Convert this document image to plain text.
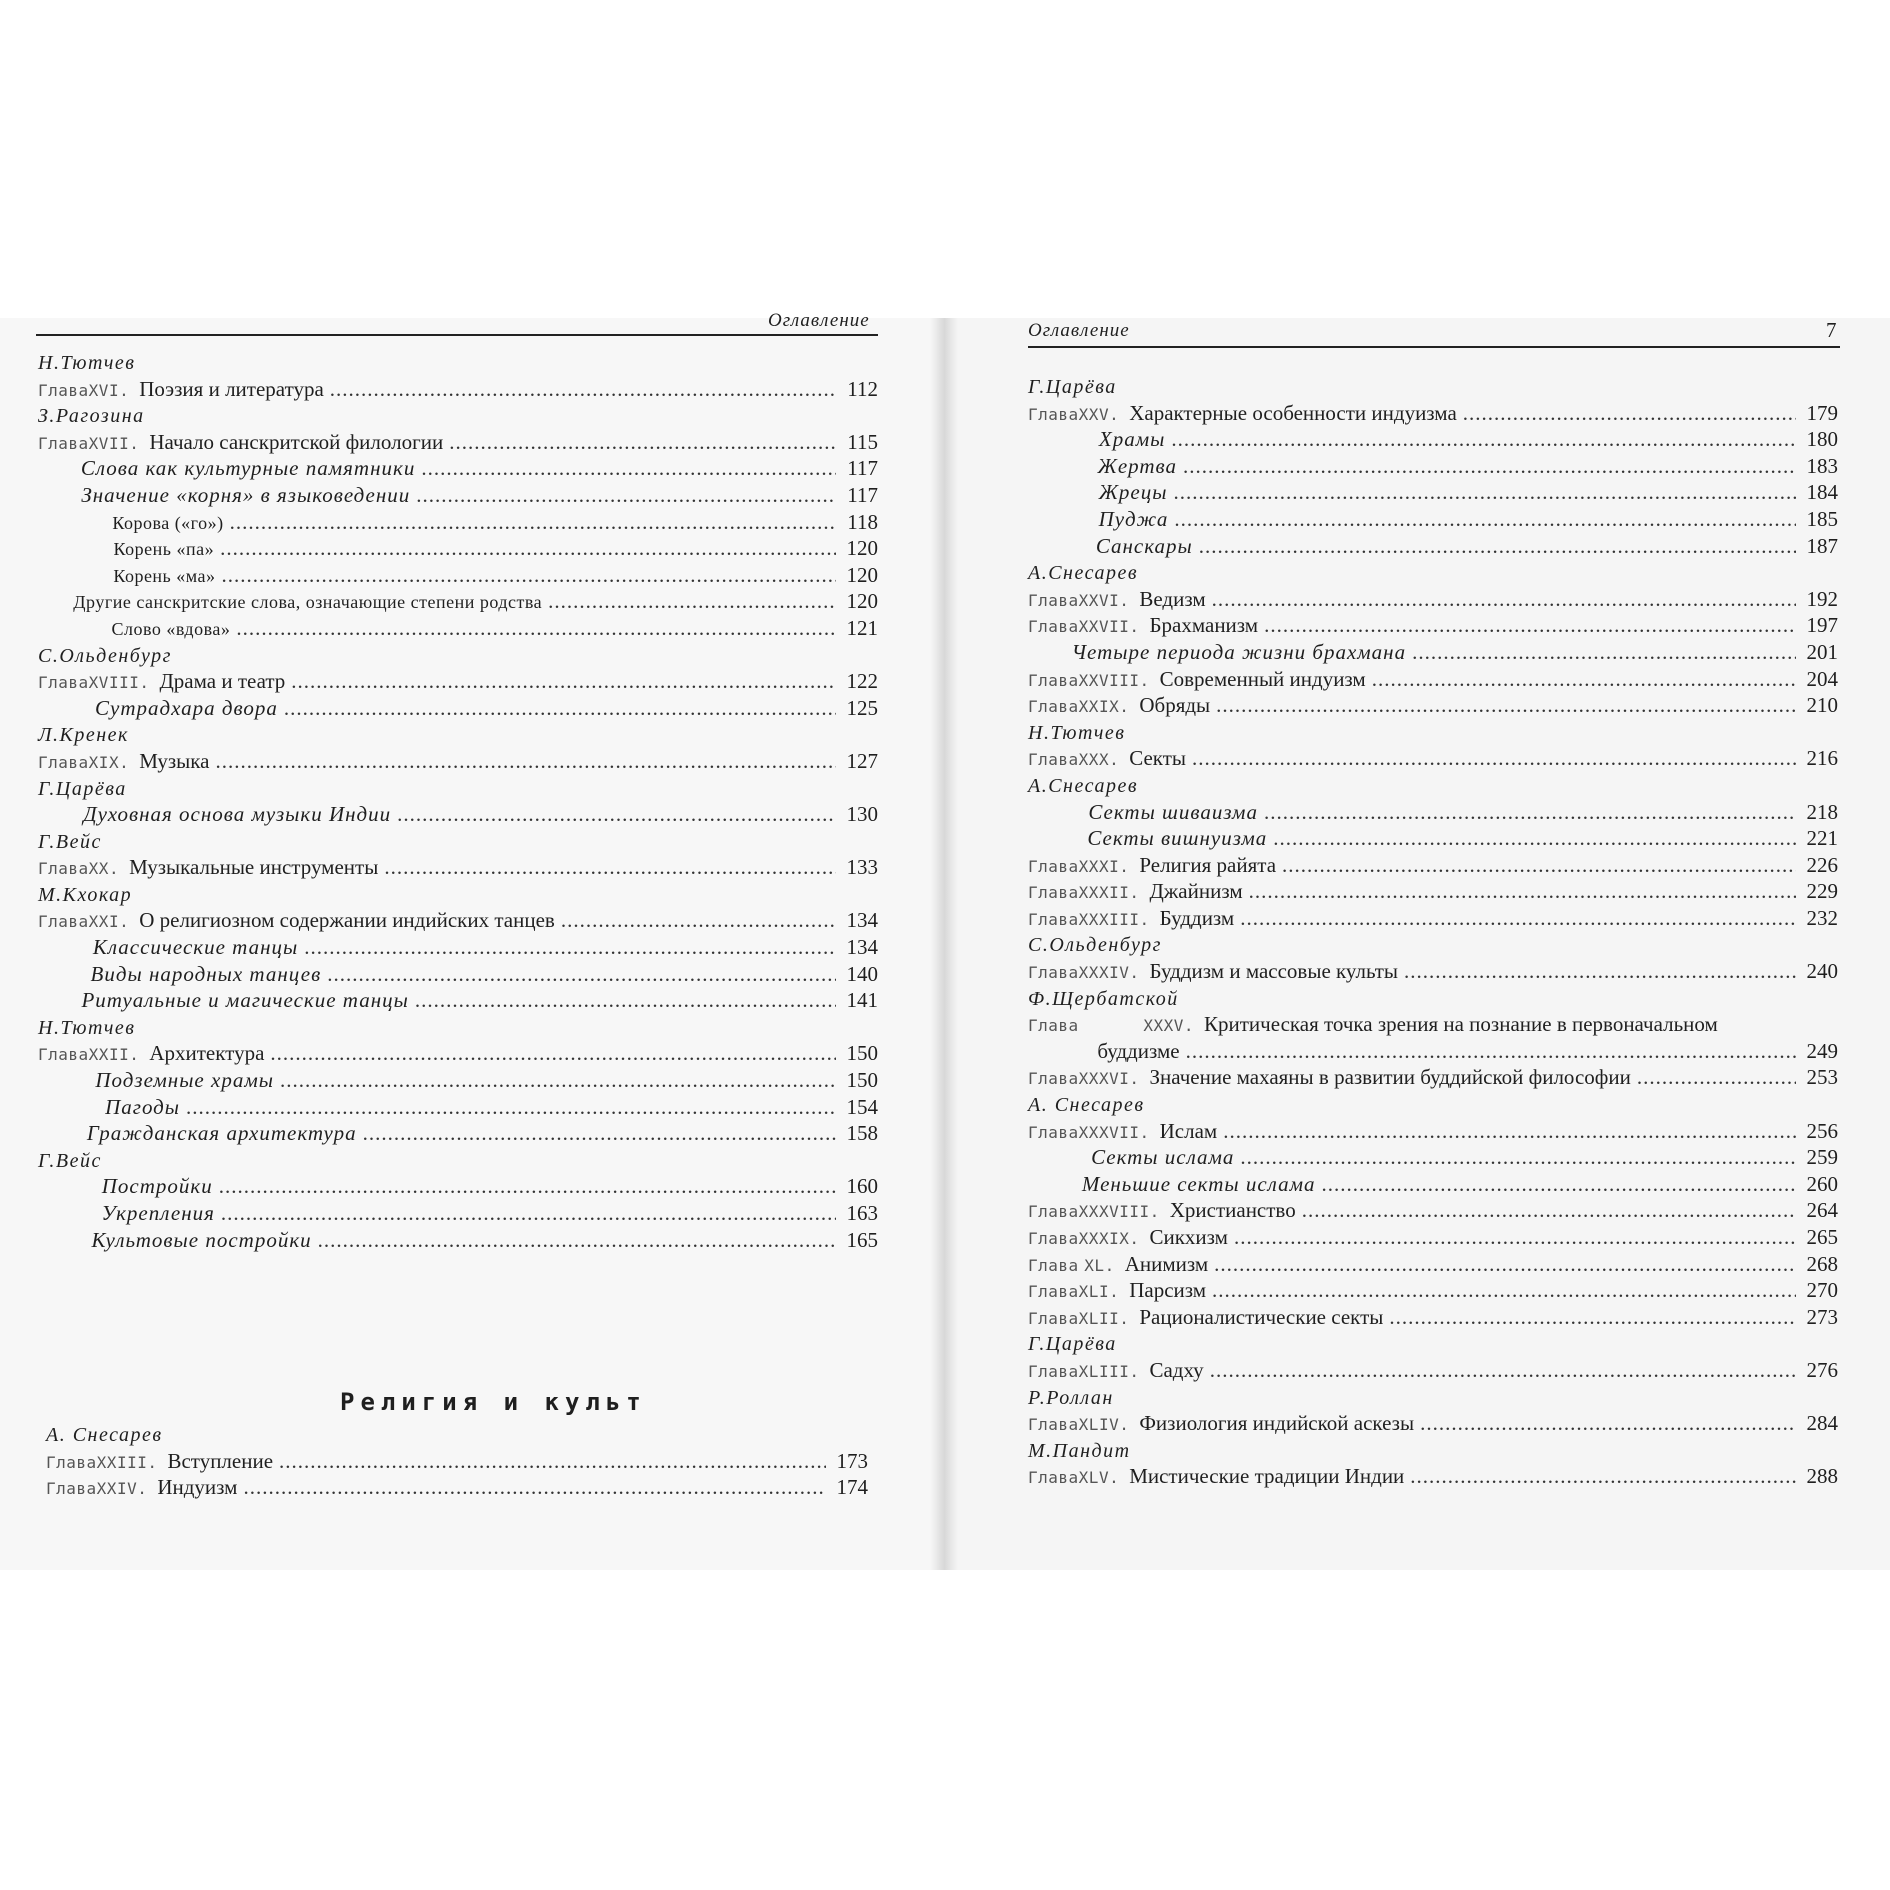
Оглавление	Оглавление	7
Н.Тютчев
Глава XVI. Поэзия и литература .....	112
З.Рагозина
Глава XVII. Начало санскритской филологии .....	115
Слова как культурные памятники .....	117
Значение «корня» в языковедении .....	117
Корова («го») .....	118
Корень «па» .....	120
Корень «ма» .....	120
Другие санскритские слова, означающие степени родства .....	120
Слово «вдова» .....	121
С.Ольденбург
Глава XVIII. Драма и театр .....	122
Сутрадхара двора .....	125
Л.Кренек
Глава XIX. Музыка .....	127
Г.Царёва
Духовная основа музыки Индии .....	130
Г.Вейс
Глава XX. Музыкальные инструменты .....	133
М.Кхокар
Глава XXI. О религиозном содержании индийских танцев .....	134
Классические танцы .....	134
Виды народных танцев .....	140
Ритуальные и магические танцы .....	141
Н.Тютчев
Глава XXII. Архитектура .....	150
Подземные храмы .....	150
Пагоды .....	154
Гражданская архитектура .....	158
Г.Вейс
Постройки .....	160
Укрепления .....	163
Культовые постройки .....	165
Религия и культ
А. Снесарев
Глава XXIII. Вступление .....	173
Глава XXIV. Индуизм .....	174
Г.Царёва
Глава XXV. Характерные особенности индуизма .....	179
Храмы .....	180
Жертва .....	183
Жрецы .....	184
Пуджа .....	185
Санскары .....	187
А.Снесарев
Глава XXVI. Ведизм .....	192
Глава XXVII. Брахманизм .....	197
Четыре периода жизни брахмана .....	201
Глава XXVIII. Современный индуизм .....	204
Глава XXIX. Обряды .....	210
Н.Тютчев
Глава XXX. Секты .....	216
А.Снесарев
Секты шиваизма .....	218
Секты вишнуизма .....	221
Глава XXXI. Религия райята .....	226
Глава XXXII. Джайнизм .....	229
Глава XXXIII. Буддизм .....	232
С.Ольденбург
Глава XXXIV. Буддизм и массовые культы .....	240
Ф.Щербатской
Глава	XXXV. Критическая точка зрения на познание в первоначальном
буддизме .....	249
Глава XXXVI. Значение махаяны в развитии буддийской философии .....	253
А. Снесарев
Глава XXXVII. Ислам .....	256
Секты ислама .....	259
Меньшие секты ислама .....	260
Глава XXXVIII. Христианство .....	264
Глава XXXIX. Сикхизм .....	265
Глава XL. Анимизм .....	268
Глава XLI. Парсизм .....	270
Глава XLII. Рационалистические секты .....	273
Г.Царёва
Глава XLIII. Садху .....	276
Р.Роллан
Глава XLIV. Физиология индийской аскезы .....	284
М.Пандит
Глава XLV. Мистические традиции Индии .....	288
